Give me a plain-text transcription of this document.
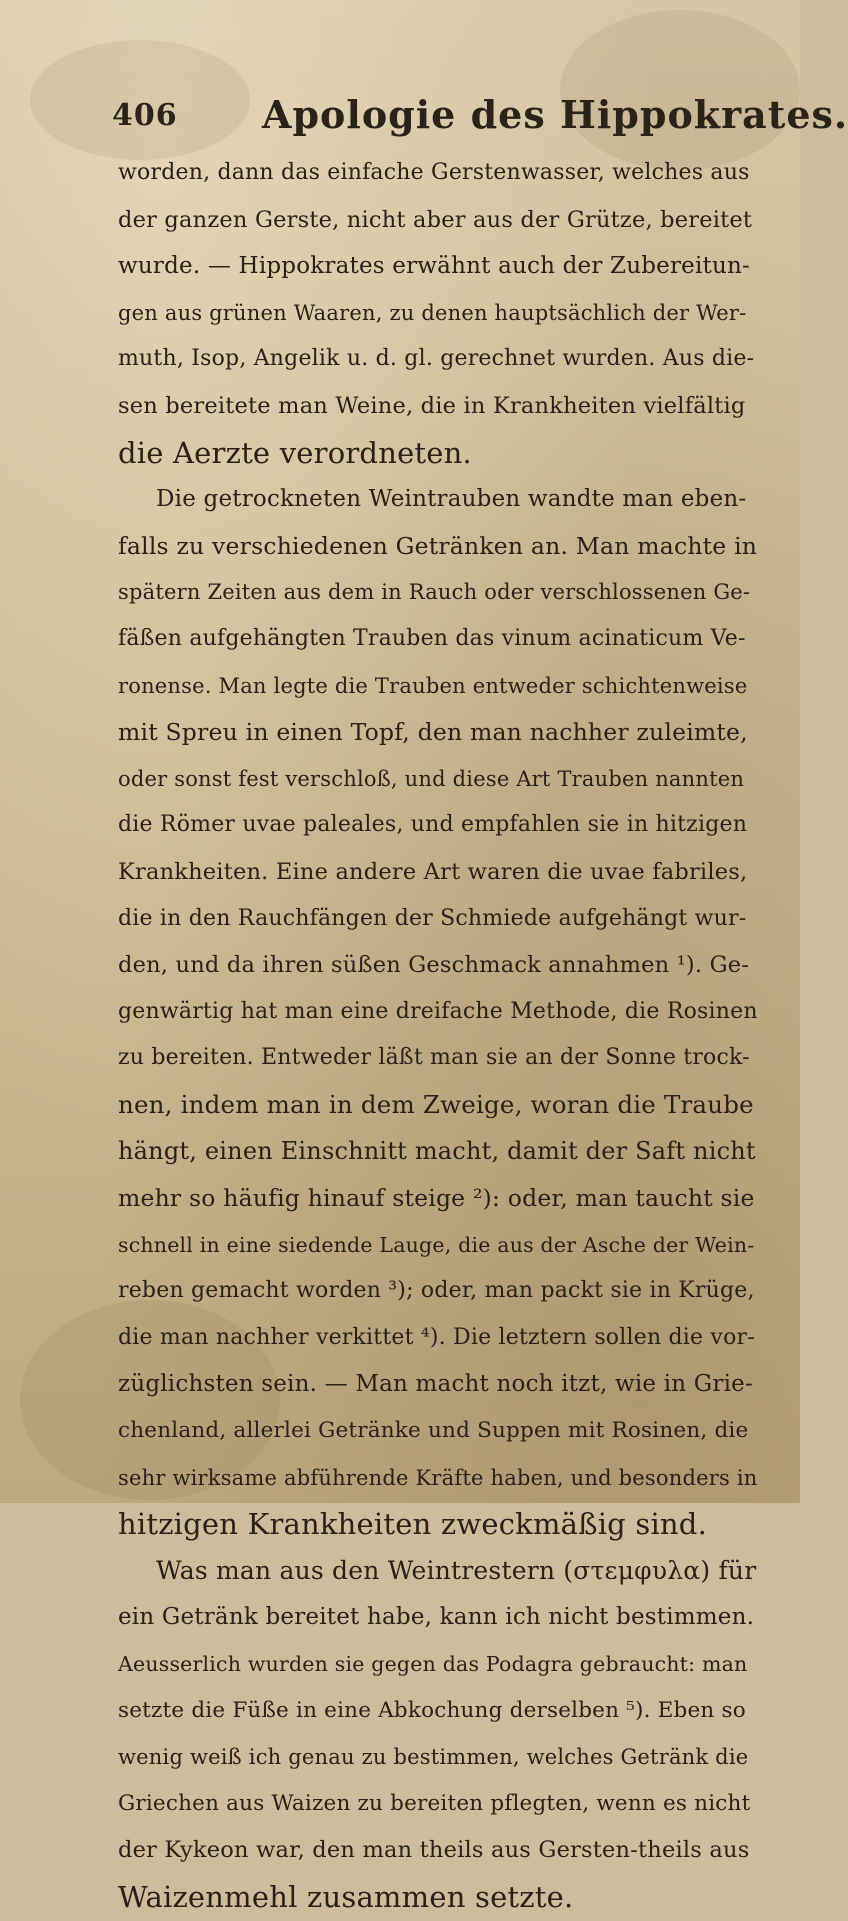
406 Apologie des Hippokrates.
worden, dann das einfache Gerstenwasser, welches aus
der ganzen Gerste, nicht aber aus der Grütze, bereitet
wurde. — Hippokrates erwähnt auch der Zubereitun-
gen aus grünen Waaren, zu denen hauptsächlich der Wer-
muth, Isop, Angelik u. d. gl. gerechnet wurden. Aus die-
sen bereitete man Weine, die in Krankheiten vielfältig
die Aerzte verordneten.
Die getrockneten Weintrauben wandte man eben-
falls zu verschiedenen Getränken an. Man machte in
spätern Zeiten aus dem in Rauch oder verschlossenen Ge-
fäßen aufgehängten Trauben das vinum acinaticum Ve-
ronense. Man legte die Trauben entweder schichtenweise
mit Spreu in einen Topf, den man nachher zuleimte,
oder sonst fest verschloß, und diese Art Trauben nannten
die Römer uvae paleales, und empfahlen sie in hitzigen
Krankheiten. Eine andere Art waren die uvae fabriles,
die in den Rauchfängen der Schmiede aufgehängt wur-
den, und da ihren süßen Geschmack annahmen ¹). Ge-
genwärtig hat man eine dreifache Methode, die Rosinen
zu bereiten. Entweder läßt man sie an der Sonne trock-
nen, indem man in dem Zweige, woran die Traube
hängt, einen Einschnitt macht, damit der Saft nicht
mehr so häufig hinauf steige ²): oder, man taucht sie
schnell in eine siedende Lauge, die aus der Asche der Wein-
reben gemacht worden ³); oder, man packt sie in Krüge,
die man nachher verkittet ⁴). Die letztern sollen die vor-
züglichsten sein. — Man macht noch itzt, wie in Grie-
chenland, allerlei Getränke und Suppen mit Rosinen, die
sehr wirksame abführende Kräfte haben, und besonders in
hitzigen Krankheiten zweckmäßig sind.
Was man aus den Weintrestern (στεμφυλα) für
ein Getränk bereitet habe, kann ich nicht bestimmen.
Aeusserlich wurden sie gegen das Podagra gebraucht: man
setzte die Füße in eine Abkochung derselben ⁵). Eben so
wenig weiß ich genau zu bestimmen, welches Getränk die
Griechen aus Waizen zu bereiten pflegten, wenn es nicht
der Kykeon war, den man theils aus Gersten-theils aus
Waizenmehl zusammen setzte.
